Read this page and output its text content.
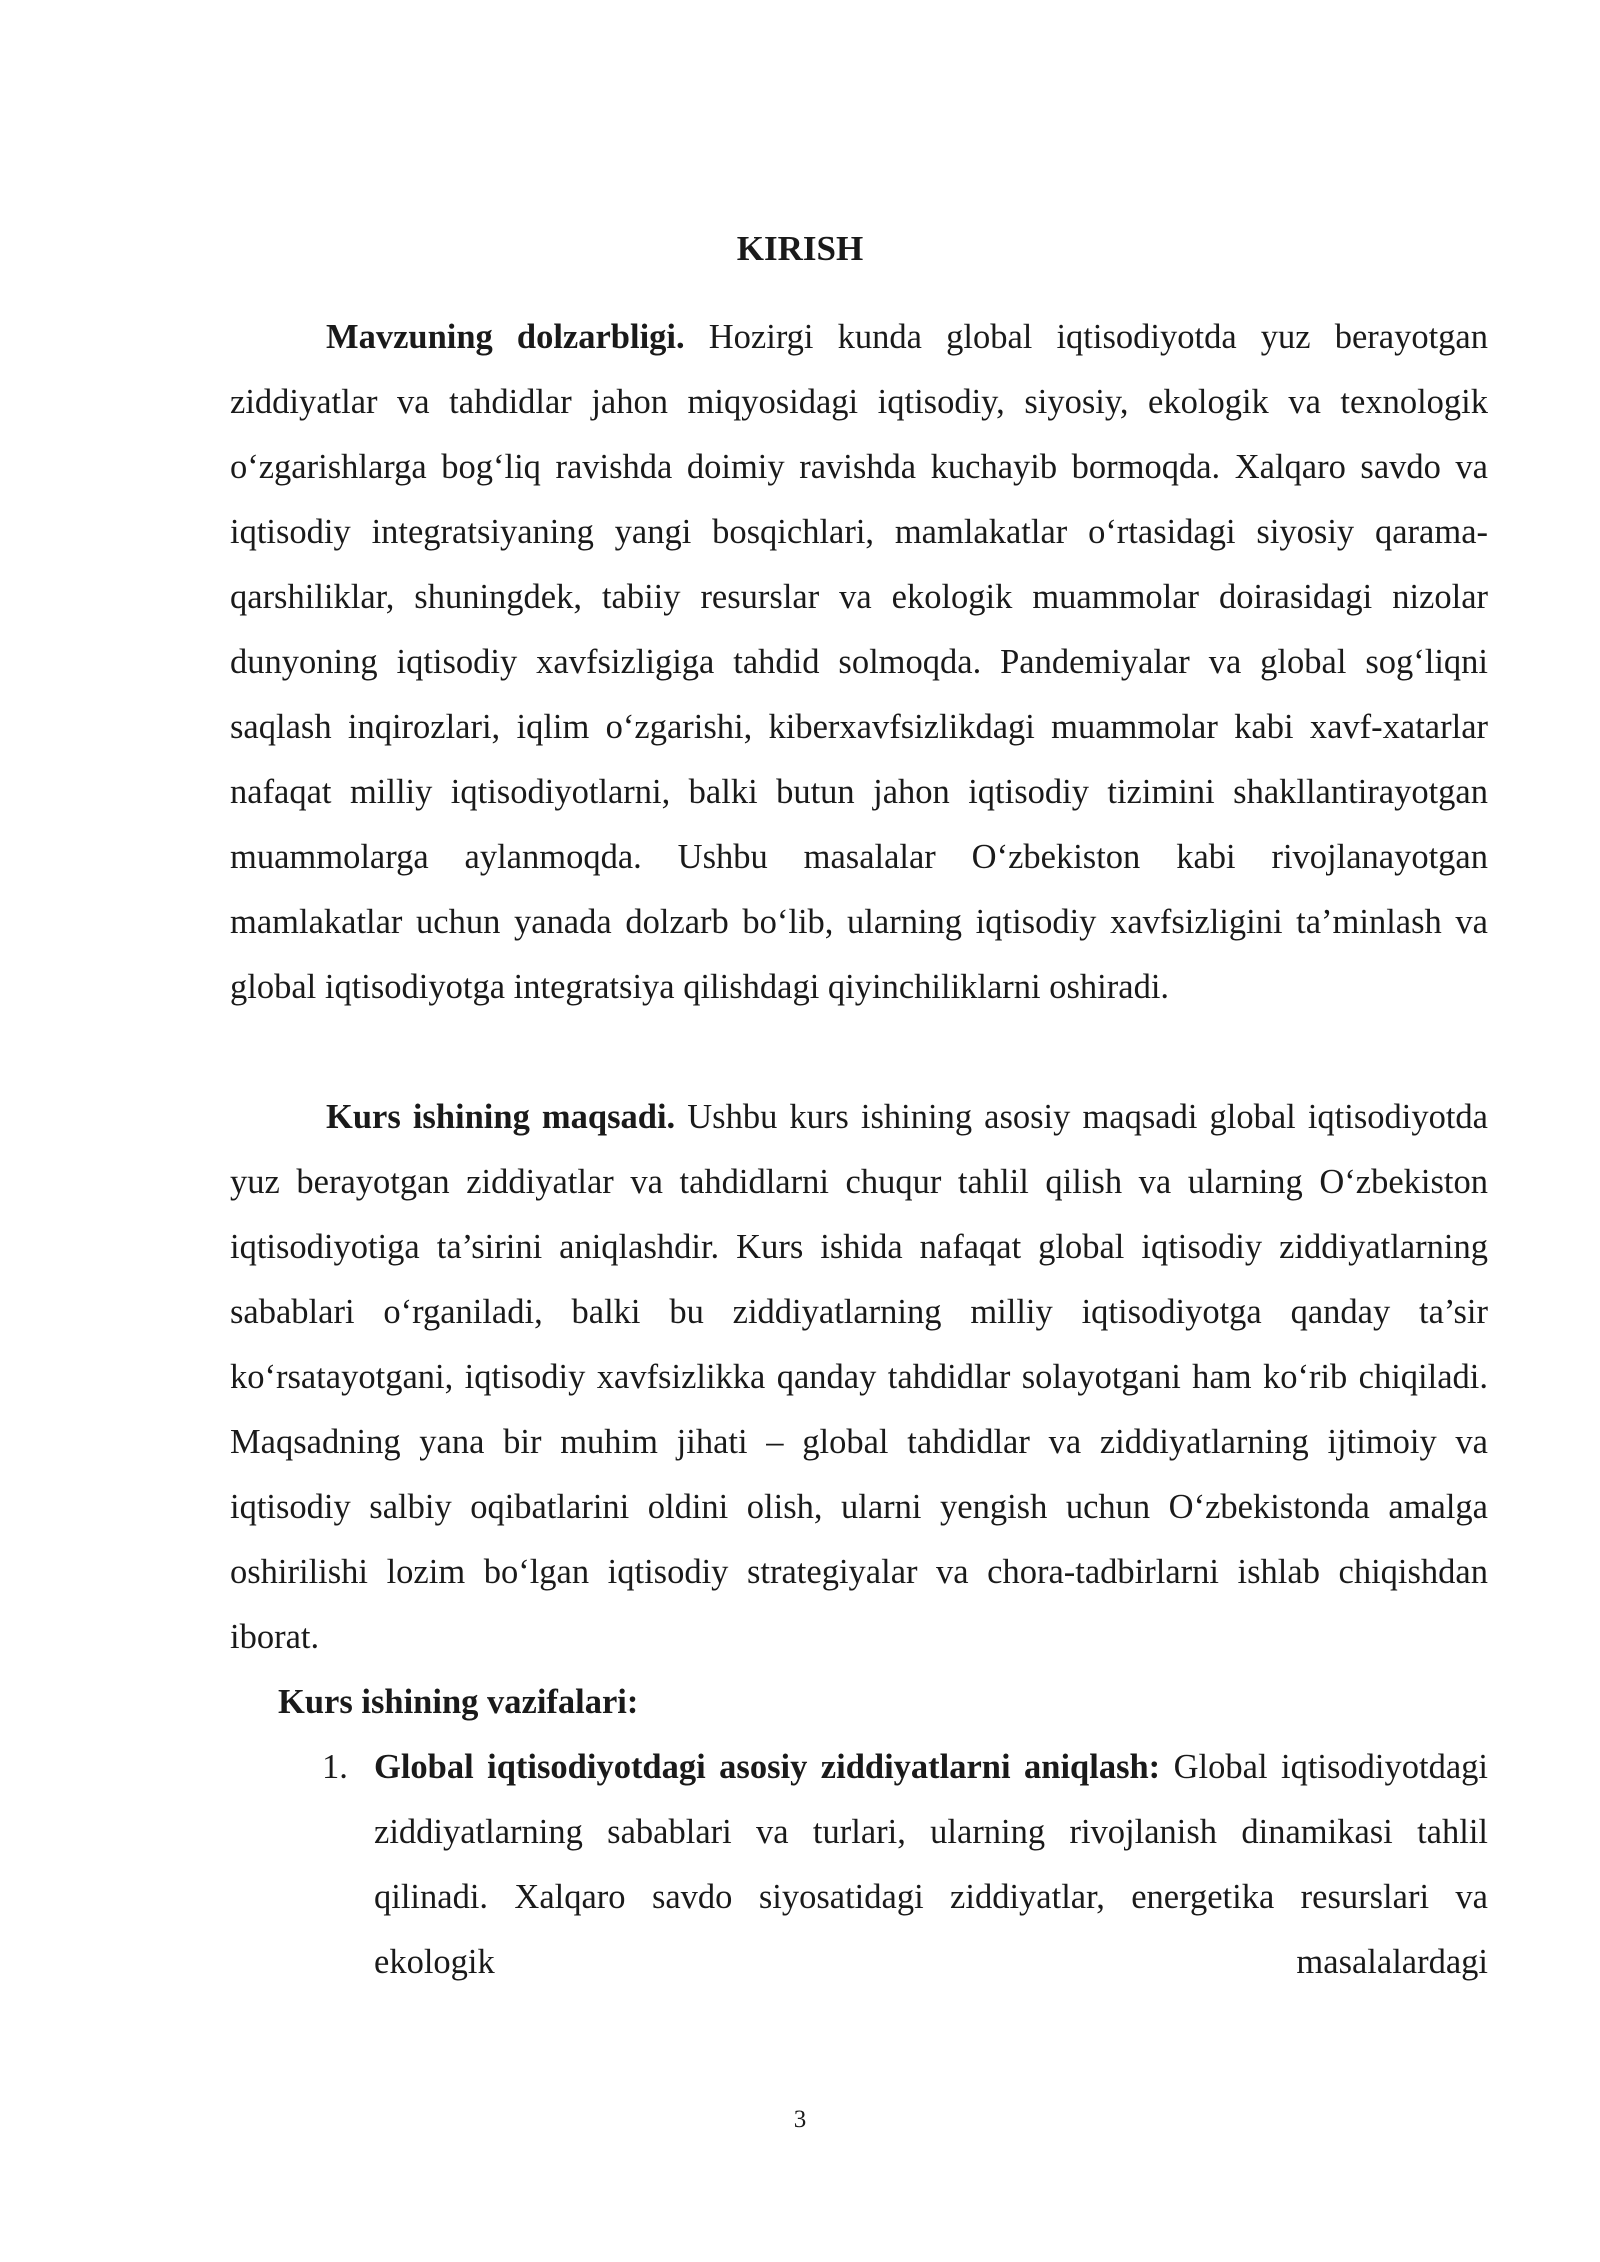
KIRISH

Mavzuning dolzarbligi. Hozirgi kunda global iqtisodiyotda yuz berayotgan ziddiyatlar va tahdidlar jahon miqyosidagi iqtisodiy, siyosiy, ekologik va texnologik o‘zgarishlarga bog‘liq ravishda doimiy ravishda kuchayib bormoqda. Xalqaro savdo va iqtisodiy integratsiyaning yangi bosqichlari, mamlakatlar o‘rtasidagi siyosiy qarama-qarshiliklar, shuningdek, tabiiy resurslar va ekologik muammolar doirasidagi nizolar dunyoning iqtisodiy xavfsizligiga tahdid solmoqda. Pandemiyalar va global sog‘liqni saqlash inqirozlari, iqlim o‘zgarishi, kiberxavfsizlikdagi muammolar kabi xavf-xatarlar nafaqat milliy iqtisodiyotlarni, balki butun jahon iqtisodiy tizimini shakllantirayotgan muammolarga aylanmoqda. Ushbu masalalar O‘zbekiston kabi rivojlanayotgan mamlakatlar uchun yanada dolzarb bo‘lib, ularning iqtisodiy xavfsizligini ta’minlash va global iqtisodiyotga integratsiya qilishdagi qiyinchiliklarni oshiradi.

Kurs ishining maqsadi. Ushbu kurs ishining asosiy maqsadi global iqtisodiyotda yuz berayotgan ziddiyatlar va tahdidlarni chuqur tahlil qilish va ularning O‘zbekiston iqtisodiyotiga ta’sirini aniqlashdir. Kurs ishida nafaqat global iqtisodiy ziddiyatlarning sabablari o‘rganiladi, balki bu ziddiyatlarning milliy iqtisodiyotga qanday ta’sir ko‘rsatayotgani, iqtisodiy xavfsizlikka qanday tahdidlar solayotgani ham ko‘rib chiqiladi. Maqsadning yana bir muhim jihati – global tahdidlar va ziddiyatlarning ijtimoiy va iqtisodiy salbiy oqibatlarini oldini olish, ularni yengish uchun O‘zbekistonda amalga oshirilishi lozim bo‘lgan iqtisodiy strategiyalar va chora-tadbirlarni ishlab chiqishdan iborat.

Kurs ishining vazifalari:

1. Global iqtisodiyotdagi asosiy ziddiyatlarni aniqlash: Global iqtisodiyotdagi ziddiyatlarning sabablari va turlari, ularning rivojlanish dinamikasi tahlil qilinadi. Xalqaro savdo siyosatidagi ziddiyatlar, energetika resurslari va ekologik masalalardagi
3
